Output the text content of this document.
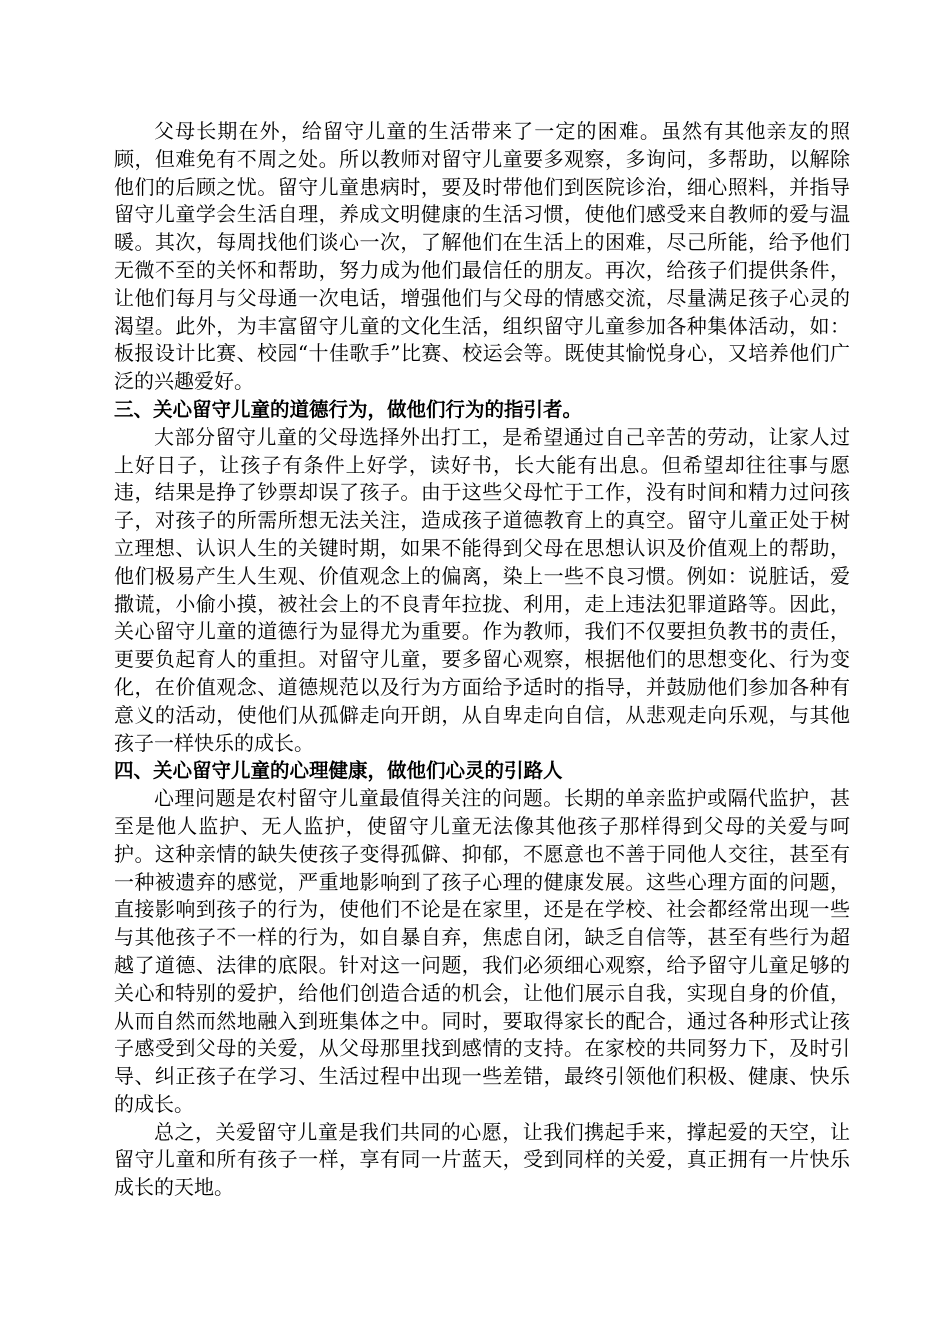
父母长期在外，给留守儿童的生活带来了一定的困难。虽然有其他亲友的照顾，但难免有不周之处。所以教师对留守儿童要多观察，多询问，多帮助，以解除他们的后顾之忧。留守儿童患病时，要及时带他们到医院诊治，细心照料，并指导留守儿童学会生活自理，养成文明健康的生活习惯，使他们感受来自教师的爱与温暖。其次，每周找他们谈心一次，了解他们在生活上的困难，尽己所能，给予他们无微不至的关怀和帮助，努力成为他们最信任的朋友。再次，给孩子们提供条件，让他们每月与父母通一次电话，增强他们与父母的情感交流，尽量满足孩子心灵的渴望。此外，为丰富留守儿童的文化生活，组织留守儿童参加各种集体活动，如：板报设计比赛、校园“十佳歌手”比赛、校运会等。既使其愉悦身心，又培养他们广泛的兴趣爱好。

三、关心留守儿童的道德行为，做他们行为的指引者。

大部分留守儿童的父母选择外出打工，是希望通过自己辛苦的劳动，让家人过上好日子，让孩子有条件上好学，读好书，长大能有出息。但希望却往往事与愿违，结果是挣了钞票却误了孩子。由于这些父母忙于工作，没有时间和精力过问孩子，对孩子的所需所想无法关注，造成孩子道德教育上的真空。留守儿童正处于树立理想、认识人生的关键时期，如果不能得到父母在思想认识及价值观上的帮助，他们极易产生人生观、价值观念上的偏离，染上一些不良习惯。例如：说脏话，爱撒谎，小偷小摸，被社会上的不良青年拉拢、利用，走上违法犯罪道路等。因此，关心留守儿童的道德行为显得尤为重要。作为教师，我们不仅要担负教书的责任，更要负起育人的重担。对留守儿童，要多留心观察，根据他们的思想变化、行为变化，在价值观念、道德规范以及行为方面给予适时的指导，并鼓励他们参加各种有意义的活动，使他们从孤僻走向开朗，从自卑走向自信，从悲观走向乐观，与其他孩子一样快乐的成长。

四、关心留守儿童的心理健康，做他们心灵的引路人

心理问题是农村留守儿童最值得关注的问题。长期的单亲监护或隔代监护，甚至是他人监护、无人监护，使留守儿童无法像其他孩子那样得到父母的关爱与呵护。这种亲情的缺失使孩子变得孤僻、抑郁，不愿意也不善于同他人交往，甚至有一种被遗弃的感觉，严重地影响到了孩子心理的健康发展。这些心理方面的问题，直接影响到孩子的行为，使他们不论是在家里，还是在学校、社会都经常出现一些与其他孩子不一样的行为，如自暴自弃，焦虑自闭，缺乏自信等，甚至有些行为超越了道德、法律的底限。针对这一问题，我们必须细心观察，给予留守儿童足够的关心和特别的爱护，给他们创造合适的机会，让他们展示自我，实现自身的价值，从而自然而然地融入到班集体之中。同时，要取得家长的配合，通过各种形式让孩子感受到父母的关爱，从父母那里找到感情的支持。在家校的共同努力下，及时引导、纠正孩子在学习、生活过程中出现一些差错，最终引领他们积极、健康、快乐的成长。

总之，关爱留守儿童是我们共同的心愿，让我们携起手来，撑起爱的天空，让留守儿童和所有孩子一样，享有同一片蓝天，受到同样的关爱，真正拥有一片快乐成长的天地。
